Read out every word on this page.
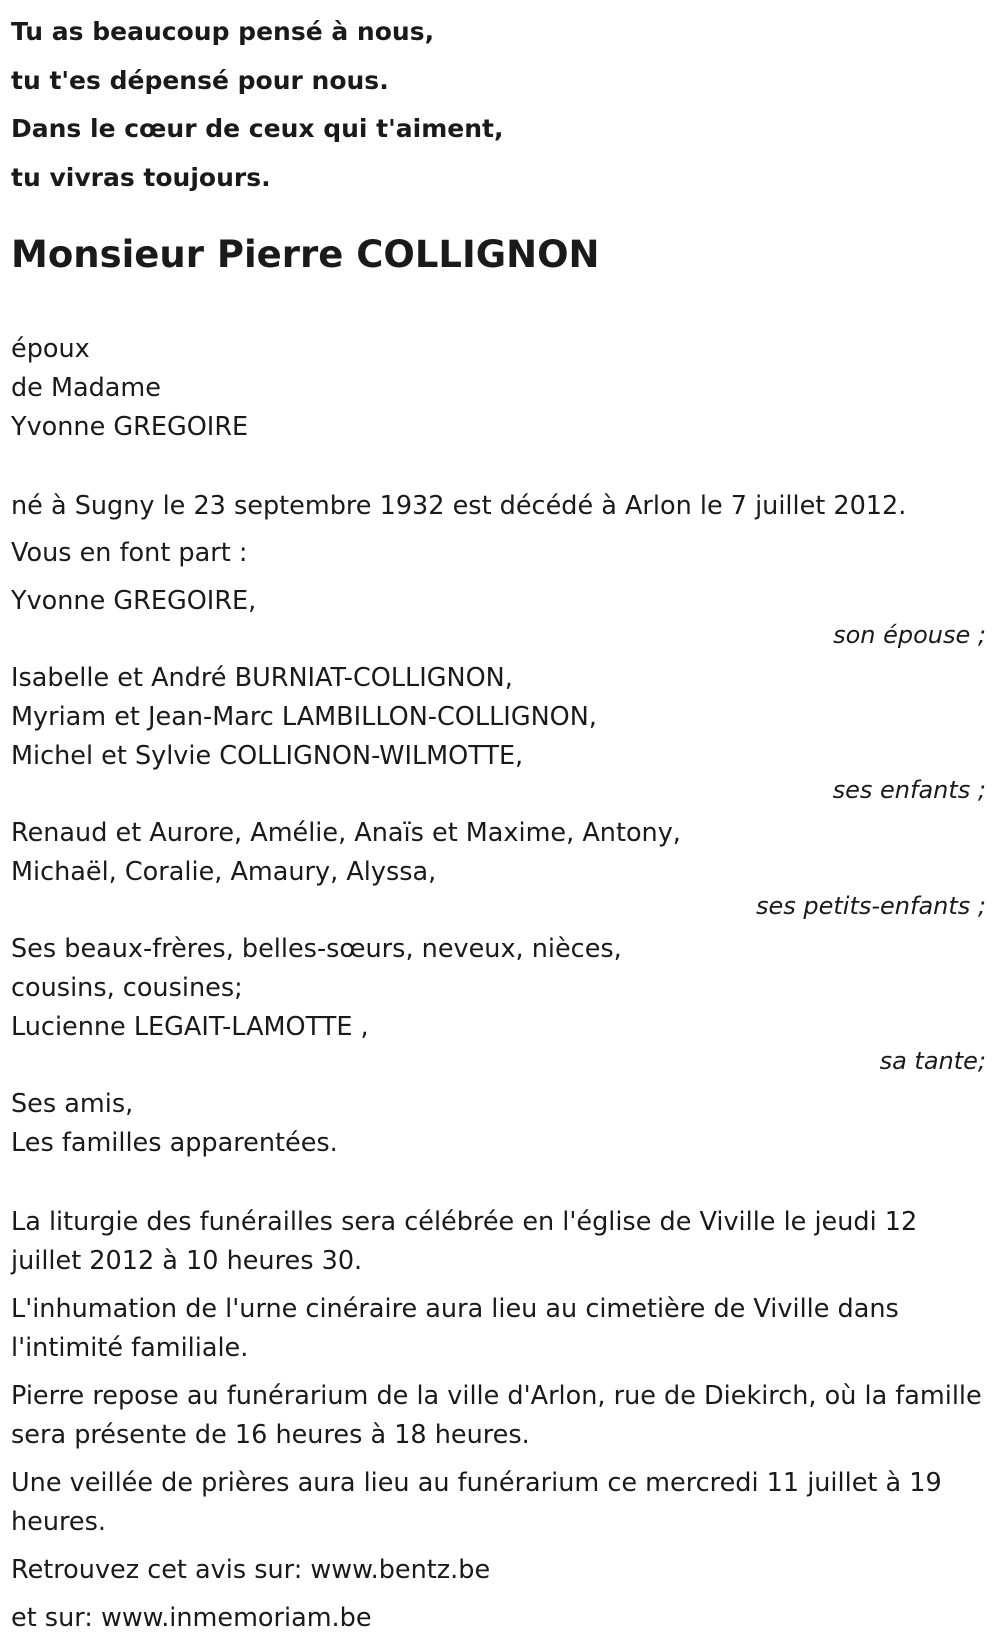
Tu as beaucoup pensé à nous,
tu t'es dépensé pour nous.
Dans le cœur de ceux qui t'aiment,
tu vivras toujours.
Monsieur Pierre COLLIGNON
époux
de Madame
Yvonne GREGOIRE
né à Sugny le 23 septembre 1932 est décédé à Arlon le 7 juillet 2012.
Vous en font part :
Yvonne GREGOIRE,
son épouse ;
Isabelle et André BURNIAT-COLLIGNON,
Myriam et Jean-Marc LAMBILLON-COLLIGNON,
Michel et Sylvie COLLIGNON-WILMOTTE,
ses enfants ;
Renaud et Aurore, Amélie, Anaïs et Maxime, Antony,
Michaël, Coralie, Amaury, Alyssa,
ses petits-enfants ;
Ses beaux-frères, belles-sœurs, neveux, nièces,
cousins, cousines;
Lucienne LEGAIT-LAMOTTE ,
sa tante;
Ses amis,
Les familles apparentées.
La liturgie des funérailles sera célébrée en l'église de Viville le jeudi 12 juillet 2012 à 10 heures 30.
L'inhumation de l'urne cinéraire aura lieu au cimetière de Viville dans l'intimité familiale.
Pierre repose au funérarium de la ville d'Arlon, rue de Diekirch, où la famille sera présente de 16 heures à 18 heures.
Une veillée de prières aura lieu au funérarium ce mercredi 11 juillet à 19 heures.
Retrouvez cet avis sur: www.bentz.be
et sur: www.inmemoriam.be
